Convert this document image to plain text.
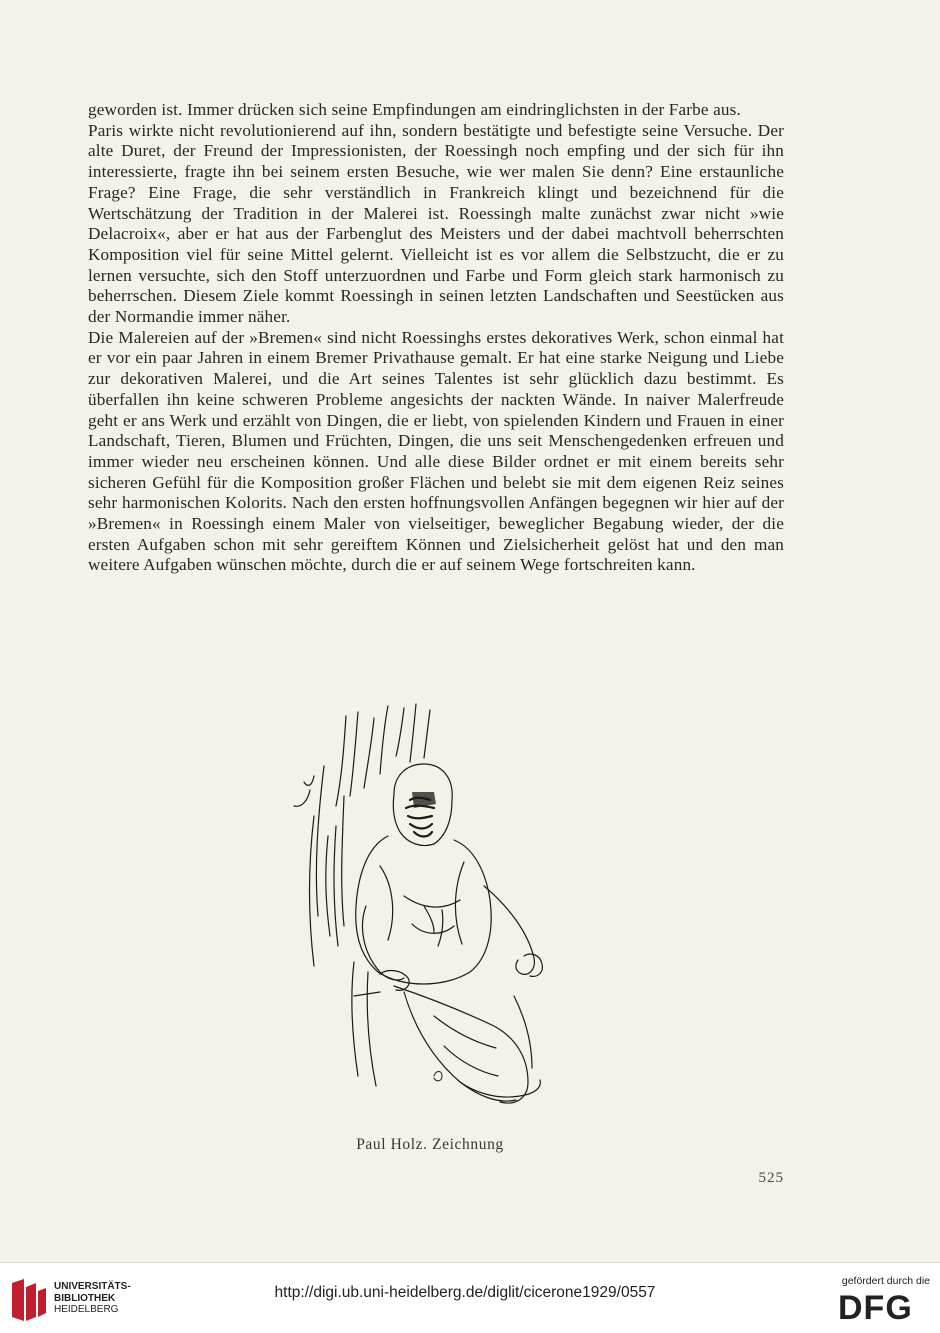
geworden ist. Immer drücken sich seine Empfindungen am eindringlichsten in der Farbe aus.

Paris wirkte nicht revolutionierend auf ihn, sondern bestätigte und befestigte seine Versuche. Der alte Duret, der Freund der Impressionisten, der Roessingh noch empfing und der sich für ihn interessierte, fragte ihn bei seinem ersten Besuche, wie wer malen Sie denn? Eine erstaunliche Frage? Eine Frage, die sehr verständlich in Frankreich klingt und bezeichnend für die Wertschätzung der Tradition in der Malerei ist. Roessingh malte zunächst zwar nicht »wie Delacroix«, aber er hat aus der Farbenglut des Meisters und der dabei machtvoll beherrschten Komposition viel für seine Mittel gelernt. Vielleicht ist es vor allem die Selbstzucht, die er zu lernen versuchte, sich den Stoff unterzuordnen und Farbe und Form gleich stark harmonisch zu beherrschen. Diesem Ziele kommt Roessingh in seinen letzten Landschaften und Seestücken aus der Normandie immer näher.

Die Malereien auf der »Bremen« sind nicht Roessinghs erstes dekoratives Werk, schon einmal hat er vor ein paar Jahren in einem Bremer Privathause gemalt. Er hat eine starke Neigung und Liebe zur dekorativen Malerei, und die Art seines Talentes ist sehr glücklich dazu bestimmt. Es überfallen ihn keine schweren Probleme angesichts der nackten Wände. In naiver Malerfreude geht er ans Werk und erzählt von Dingen, die er liebt, von spielenden Kindern und Frauen in einer Landschaft, Tieren, Blumen und Früchten, Dingen, die uns seit Menschengedenken erfreuen und immer wieder neu erscheinen können. Und alle diese Bilder ordnet er mit einem bereits sehr sicheren Gefühl für die Komposition großer Flächen und belebt sie mit dem eigenen Reiz seines sehr harmonischen Kolorits. Nach den ersten hoffnungsvollen Anfängen begegnen wir hier auf der »Bremen« in Roessingh einem Maler von vielseitiger, beweglicher Begabung wieder, der die ersten Aufgaben schon mit sehr gereiftem Können und Zielsicherheit gelöst hat und den man weitere Aufgaben wünschen möchte, durch die er auf seinem Wege fortschreiten kann.

Paul Holz. Zeichnung
525
UNIVERSITÄTS-
BIBLIOTHEK
HEIDELBERG
http://digi.ub.uni-heidelberg.de/diglit/cicerone1929/0557
gefördert durch die
DFG
